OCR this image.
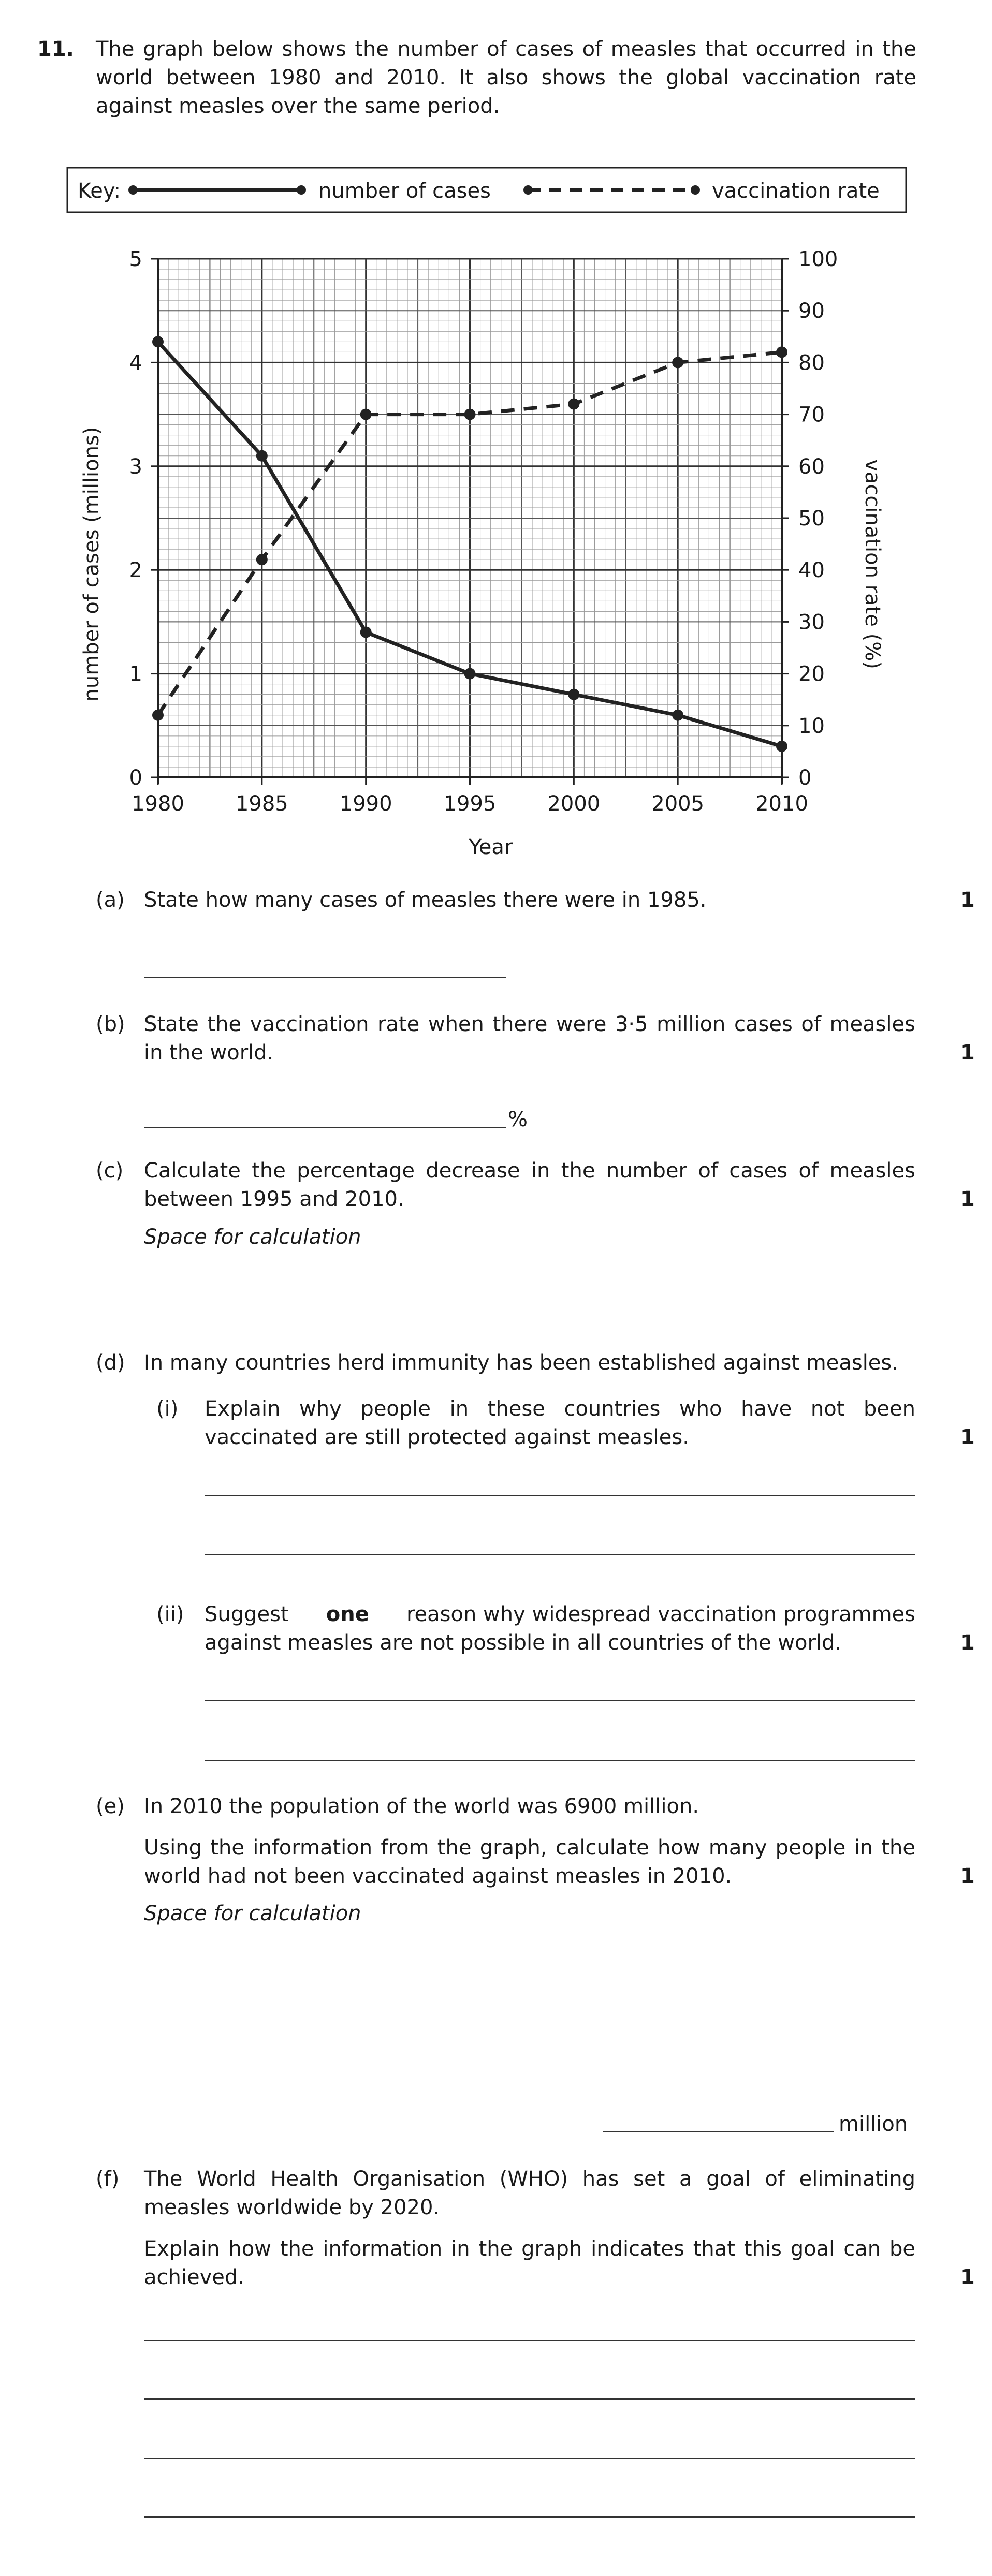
11. The graph below shows the number of cases of measles that occurred in the
world between 1980 and 2010. It also shows the global vaccination rate
against measles over the same period.
Key:	number of cases	vaccination rate
0
1
2
3
4
5
0
10
20
30
40
50
60
70
80
90
100
1980 1985 1990 1995 2000 2005 2010
Year
number of cases (millions)	vaccination rate (%)
(a) State how many cases of measles there were in 1985.	1
(b) State the vaccination rate when there were 3·5 million cases of measles
in the world.	1
%
(c) Calculate the percentage decrease in the number of cases of measles
between 1995 and 2010.	1
Space for calculation
(d) In many countries herd immunity has been established against measles.
(i) Explain why people in these countries who have not been
vaccinated are still protected against measles.	1
(ii) Suggest one reason why widespread vaccination programmes
against measles are not possible in all countries of the world.	1
(e) In 2010 the population of the world was 6900 million.
Using the information from the graph, calculate how many people in the
world had not been vaccinated against measles in 2010.	1
Space for calculation
million
(f) The World Health Organisation (WHO) has set a goal of eliminating
measles worldwide by 2020.
Explain how the information in the graph indicates that this goal can be
achieved.	1
